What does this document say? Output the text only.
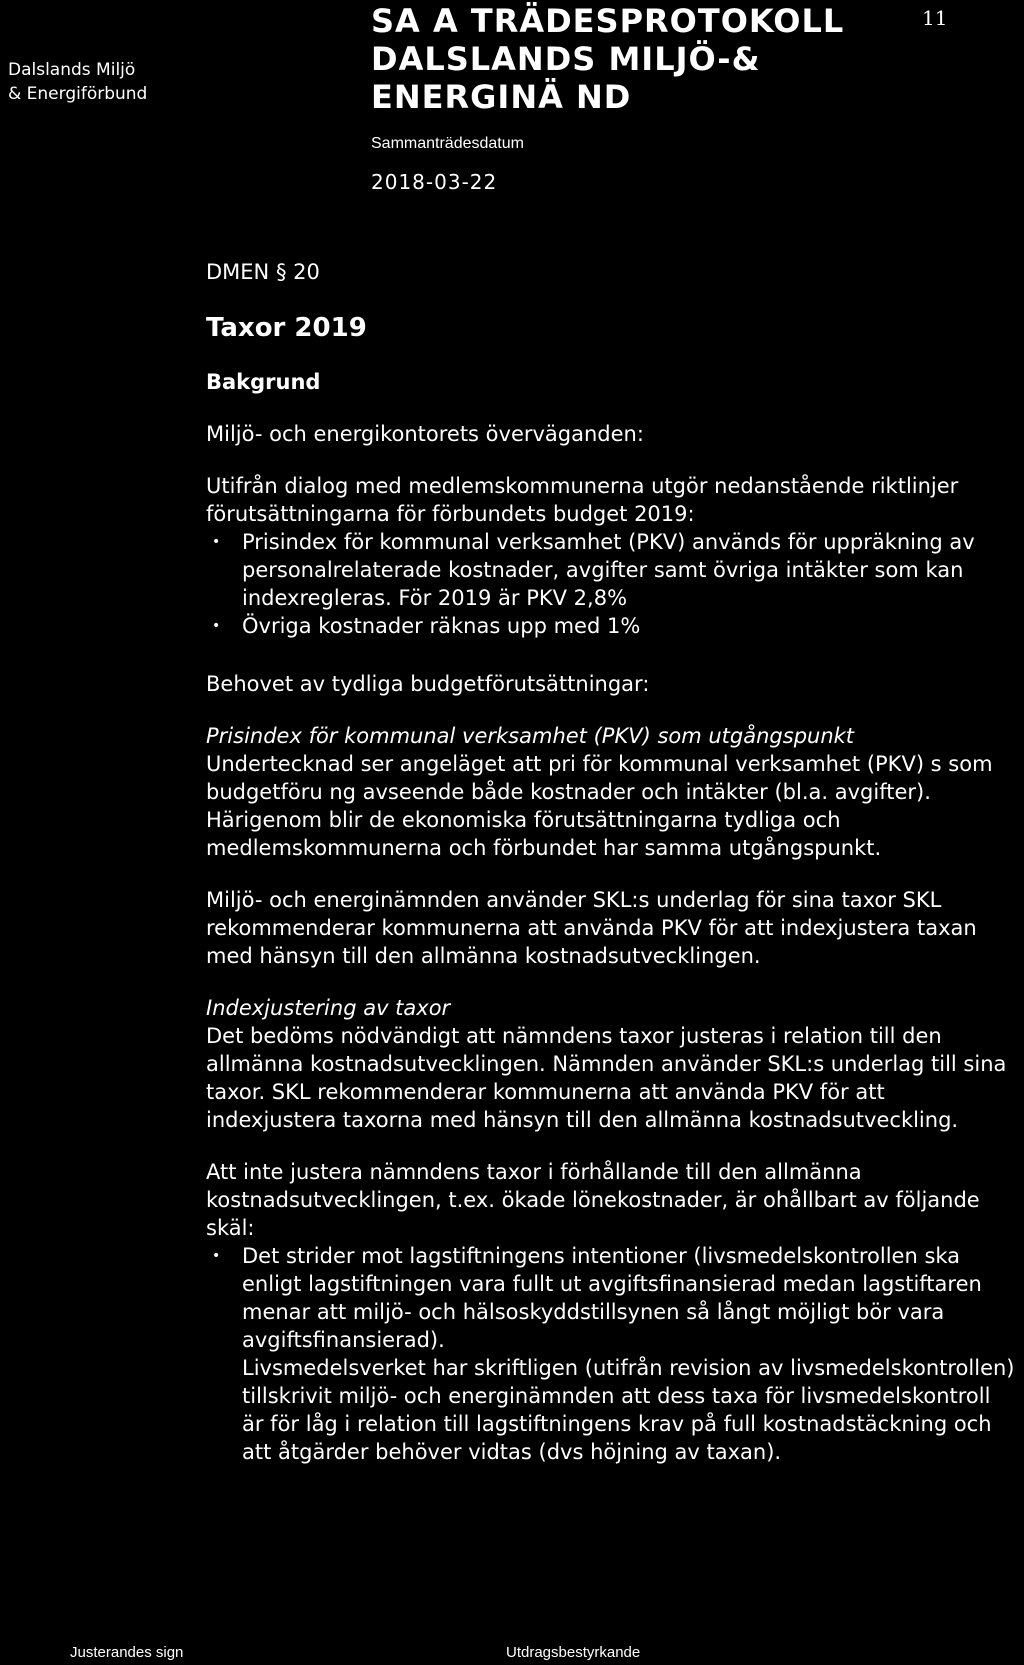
Dalslands Miljö
& Energiförbund
SA A TRÄDESPROTOKOLL
DALSLANDS MILJÖ-&
ENERGINÄ ND
11
Sammanträdesdatum
2018-03-22

DMEN § 20

Taxor 2019

Bakgrund

Miljö- och energikontorets överväganden:

Utifrån dialog med medlemskommunerna utgör nedanstående riktlinjer förutsättningarna för förbundets budget 2019:

• Prisindex för kommunal verksamhet (PKV) används för uppräkning av personalrelaterade kostnader, avgifter samt övriga intäkter som kan indexregleras. För 2019 är PKV 2,8%
• Övriga kostnader räknas upp med 1%

Behovet av tydliga budgetförutsättningar:

Prisindex för kommunal verksamhet (PKV) som utgångspunkt

Undertecknad ser angeläget att pri för kommunal verksamhet (PKV) s som budgetföru ng avseende både kostnader och intäkter (bl.a. avgifter). Härigenom blir de ekonomiska förutsättningarna tydliga och medlemskommunerna och förbundet har samma utgångspunkt.

Miljö- och energinämnden använder SKL:s underlag för sina taxor SKL rekommenderar kommunerna att använda PKV för att indexjustera taxan med hänsyn till den allmänna kostnadsutvecklingen.

Indexjustering av taxor

Det bedöms nödvändigt att nämndens taxor justeras i relation till den allmänna kostnadsutvecklingen. Nämnden använder SKL:s underlag till sina taxor. SKL rekommenderar kommunerna att använda PKV för att indexjustera taxorna med hänsyn till den allmänna kostnadsutveckling.

Att inte justera nämndens taxor i förhållande till den allmänna kostnadsutvecklingen, t.ex. ökade lönekostnader, är ohållbart av följande skäl:

• Det strider mot lagstiftningens intentioner (livsmedelskontrollen ska enligt lagstiftningen vara fullt ut avgiftsfinansierad medan lagstiftaren menar att miljö- och hälsoskyddstillsynen så långt möjligt bör vara avgiftsfinansierad).
Livsmedelsverket har skriftligen (utifrån revision av livsmedelskontrollen) tillskrivit miljö- och energinämnden att dess taxa för livsmedelskontroll är för låg i relation till lagstiftningens krav på full kostnadstäckning och att åtgärder behöver vidtas (dvs höjning av taxan).
Justerandes sign	Utdragsbestyrkande
